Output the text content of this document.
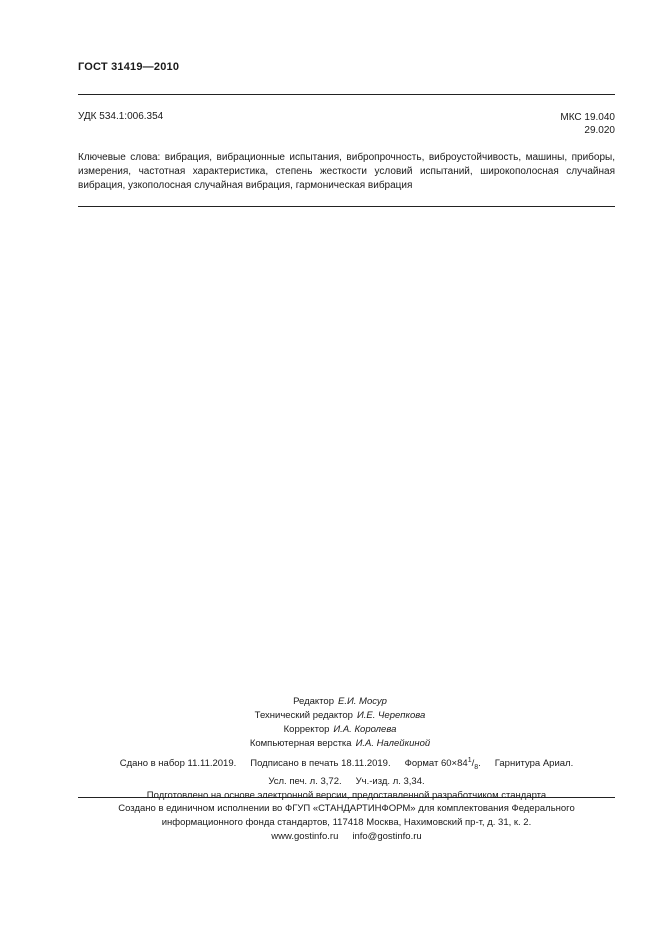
ГОСТ 31419—2010
УДК 534.1:006.354	МКС 19.040
29.020
Ключевые слова: вибрация, вибрационные испытания, вибропрочность, виброустойчивость, машины, приборы, измерения, частотная характеристика, степень жесткости условий испытаний, широкополосная случайная вибрация, узкополосная случайная вибрация, гармоническая вибрация
Редактор Е.И. Мосур
Технический редактор И.Е. Черепкова
Корректор И.А. Королева
Компьютерная верстка И.А. Налейкиной
Сдано в набор 11.11.2019. Подписано в печать 18.11.2019. Формат $60\times 84^1/_8$. Гарнитура Ариал.
Усл. печ. л. 3,72. Уч.-изд. л. 3,34.
Подготовлено на основе электронной версии, предоставленной разработчиком стандарта
Создано в единичном исполнении во ФГУП «СТАНДАРТИНФОРМ» для комплектования Федерального
информационного фонда стандартов, 117418 Москва, Нахимовский пр-т, д. 31, к. 2.
www.gostinfo.ru info@gostinfo.ru
